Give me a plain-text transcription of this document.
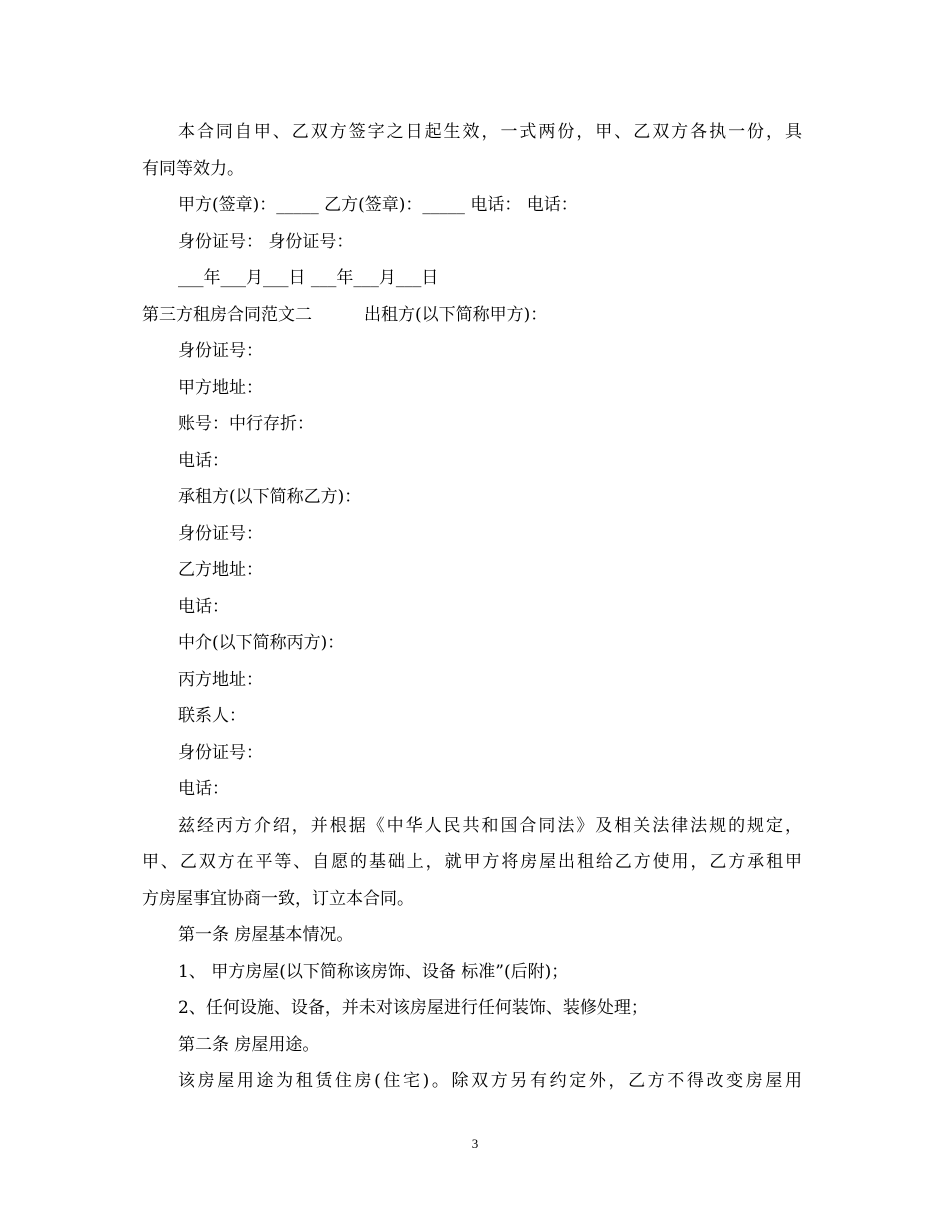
本合同自甲、乙双方签字之日起生效，一式两份，甲、乙双方各执一份，具
有同等效力。
甲方(签章)：_____ 乙方(签章)：_____ 电话： 电话：
身份证号： 身份证号：
___年___月___日 ___年___月___日
第三方租房合同范文二	出租方(以下简称甲方)：
身份证号：
甲方地址：
账号：中行存折：
电话：
承租方(以下简称乙方)：
身份证号：
乙方地址：
电话：
中介(以下简称丙方)：
丙方地址：
联系人：
身份证号：
电话：
兹经丙方介绍，并根据《中华人民共和国合同法》及相关法律法规的规定，
甲、乙双方在平等、自愿的基础上，就甲方将房屋出租给乙方使用，乙方承租甲
方房屋事宜协商一致，订立本合同。
第一条 房屋基本情况。
1、 甲方房屋(以下简称该房饰、设备 标准”(后附)；
2、任何设施、设备，并未对该房屋进行任何装饰、装修处理；
第二条 房屋用途。
该房屋用途为租赁住房(住宅)。除双方另有约定外，乙方不得改变房屋用
3
